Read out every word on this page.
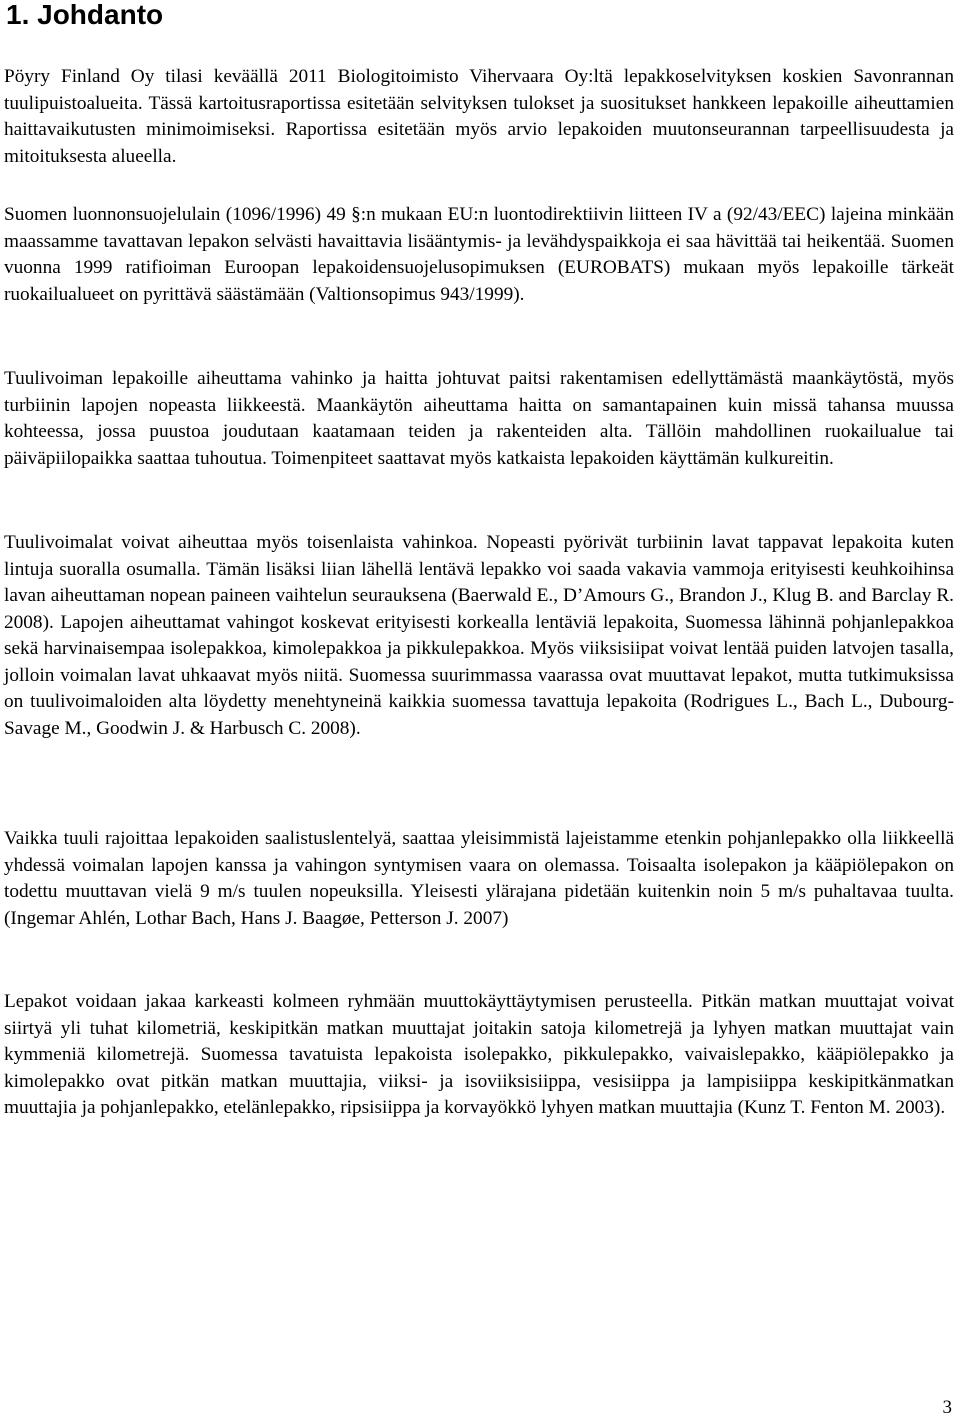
1. Johdanto

Pöyry Finland Oy tilasi keväällä 2011 Biologitoimisto Vihervaara Oy:ltä lepakkoselvityksen koskien Savonrannan tuulipuistoalueita. Tässä kartoitusraportissa esitetään selvityksen tulokset ja suositukset hankkeen lepakoille aiheuttamien haittavaikutusten minimoimiseksi. Raportissa esitetään myös arvio lepakoiden muutonseurannan tarpeellisuudesta ja mitoituksesta alueella.

Suomen luonnonsuojelulain (1096/1996) 49 §:n mukaan EU:n luontodirektiivin liitteen IV a (92/43/EEC) lajeina minkään maassamme tavattavan lepakon selvästi havaittavia lisääntymis- ja levähdyspaikkoja ei saa hävittää tai heikentää. Suomen vuonna 1999 ratifioiman Euroopan lepakoidensuojelusopimuksen (EUROBATS) mukaan myös lepakoille tärkeät ruokailualueet on pyrittävä säästämään (Valtionsopimus 943/1999).

Tuulivoiman lepakoille aiheuttama vahinko ja haitta johtuvat paitsi rakentamisen edellyttämästä maankäytöstä, myös turbiinin lapojen nopeasta liikkeestä. Maankäytön aiheuttama haitta on samantapainen kuin missä tahansa muussa kohteessa, jossa puustoa joudutaan kaatamaan teiden ja rakenteiden alta. Tällöin mahdollinen ruokailualue tai päiväpiilopaikka saattaa tuhoutua. Toimenpiteet saattavat myös katkaista lepakoiden käyttämän kulkureitin.

Tuulivoimalat voivat aiheuttaa myös toisenlaista vahinkoa. Nopeasti pyörivät turbiinin lavat tappavat lepakoita kuten lintuja suoralla osumalla. Tämän lisäksi liian lähellä lentävä lepakko voi saada vakavia vammoja erityisesti keuhkoihinsa lavan aiheuttaman nopean paineen vaihtelun seurauksena (Baerwald E., D’Amours G., Brandon J., Klug B. and Barclay R. 2008). Lapojen aiheuttamat vahingot koskevat erityisesti korkealla lentäviä lepakoita, Suomessa lähinnä pohjanlepakkoa sekä harvinaisempaa isolepakkoa, kimolepakkoa ja pikkulepakkoa. Myös viiksisiipat voivat lentää puiden latvojen tasalla, jolloin voimalan lavat uhkaavat myös niitä. Suomessa suurimmassa vaarassa ovat muuttavat lepakot, mutta tutkimuksissa on tuulivoimaloiden alta löydetty menehtyneinä kaikkia suomessa tavattuja lepakoita (Rodrigues L., Bach L., Dubourg-Savage M., Goodwin J. & Harbusch C. 2008).

Vaikka tuuli rajoittaa lepakoiden saalistuslentelyä, saattaa yleisimmistä lajeistamme etenkin pohjanlepakko olla liikkeellä yhdessä voimalan lapojen kanssa ja vahingon syntymisen vaara on olemassa. Toisaalta isolepakon ja kääpiölepakon on todettu muuttavan vielä 9 m/s tuulen nopeuksilla. Yleisesti ylärajana pidetään kuitenkin noin 5 m/s puhaltavaa tuulta. (Ingemar Ahlén, Lothar Bach, Hans J. Baagøe, Petterson J. 2007)

Lepakot voidaan jakaa karkeasti kolmeen ryhmään muuttokäyttäytymisen perusteella. Pitkän matkan muuttajat voivat siirtyä yli tuhat kilometriä, keskipitkän matkan muuttajat joitakin satoja kilometrejä ja lyhyen matkan muuttajat vain kymmeniä kilometrejä. Suomessa tavatuista lepakoista isolepakko, pikkulepakko, vaivaislepakko, kääpiölepakko ja kimolepakko ovat pitkän matkan muuttajia, viiksi- ja isoviiksisiippa, vesisiippa ja lampisiippa keskipitkänmatkan muuttajia ja pohjanlepakko, etelänlepakko, ripsisiippa ja korvayökkö lyhyen matkan muuttajia (Kunz T. Fenton M. 2003).

3
